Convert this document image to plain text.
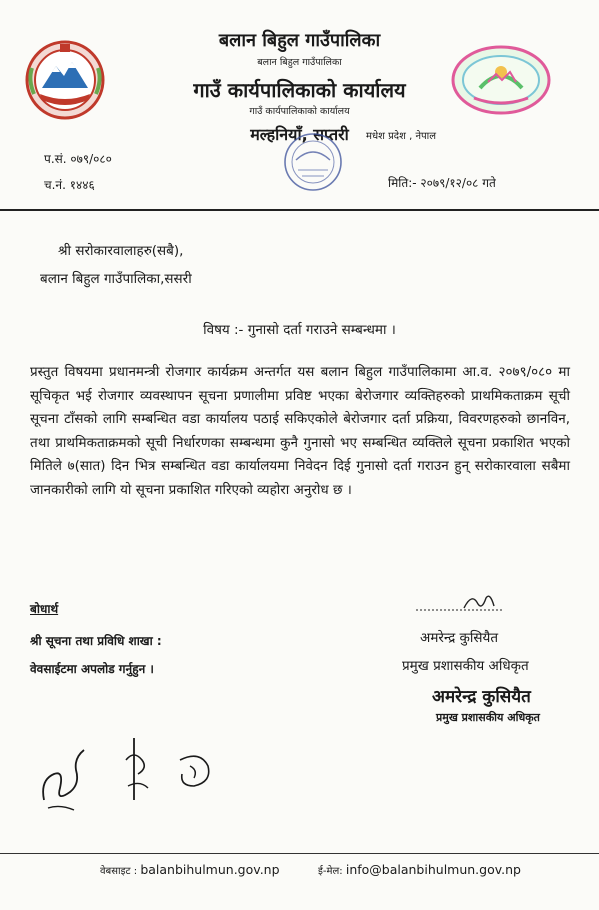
बलान बिहुल गाउँपालिका
बलान बिहुल गाउँपालिका
गाउँ कार्यपालिकाको कार्यालय
गाउँ कार्यपालिकाको कार्यालय
मल्हनियाँ, सप्तरी	मधेश प्रदेश , नेपाल
प.सं. ०७९/०८०
च.नं. १४४६	मिति:- २०७९/१२/०८ गते
श्री सरोकारवालाहरु(सबै),
बलान बिहुल गाउँपालिका,ससरी
विषय :- गुनासो दर्ता गराउने सम्बन्धमा ।
प्रस्तुत विषयमा प्रधानमन्त्री रोजगार कार्यक्रम अन्तर्गत यस बलान बिहुल गाउँपालिकामा आ.व. २०७९/०८० मा सूचिकृत भई रोजगार व्यवस्थापन सूचना प्रणालीमा प्रविष्ट भएका बेरोजगार व्यक्तिहरुको प्राथमिकताक्रम सूची सूचना टाँसको लागि सम्बन्धित वडा कार्यालय पठाई सकिएकोले बेरोजगार दर्ता प्रक्रिया, विवरणहरुको छानविन, तथा प्राथमिकताक्रमको सूची निर्धारणका सम्बन्धमा कुनै गुनासो भए सम्बन्धित व्यक्तिले सूचना प्रकाशित भएको मितिले ७(सात) दिन भित्र सम्बन्धित वडा कार्यालयमा निवेदन दिई गुनासो दर्ता गराउन हुन् सरोकारवाला सबैमा जानकारीको लागि यो सूचना प्रकाशित गरिएको व्यहोरा अनुरोध छ ।
बोधार्थ
श्री सूचना तथा प्रविधि शाखा :
वेवसाईटमा अपलोड गर्नुहुन ।
अमरेन्द्र कुसियैत
प्रमुख प्रशासकीय अधिकृत
अमरेन्द्र कुसियैत
प्रमुख प्रशासकीय अधिकृत
वेबसाइट : balanbihulmun.gov.np	ई-मेल: info@balanbihulmun.gov.np
